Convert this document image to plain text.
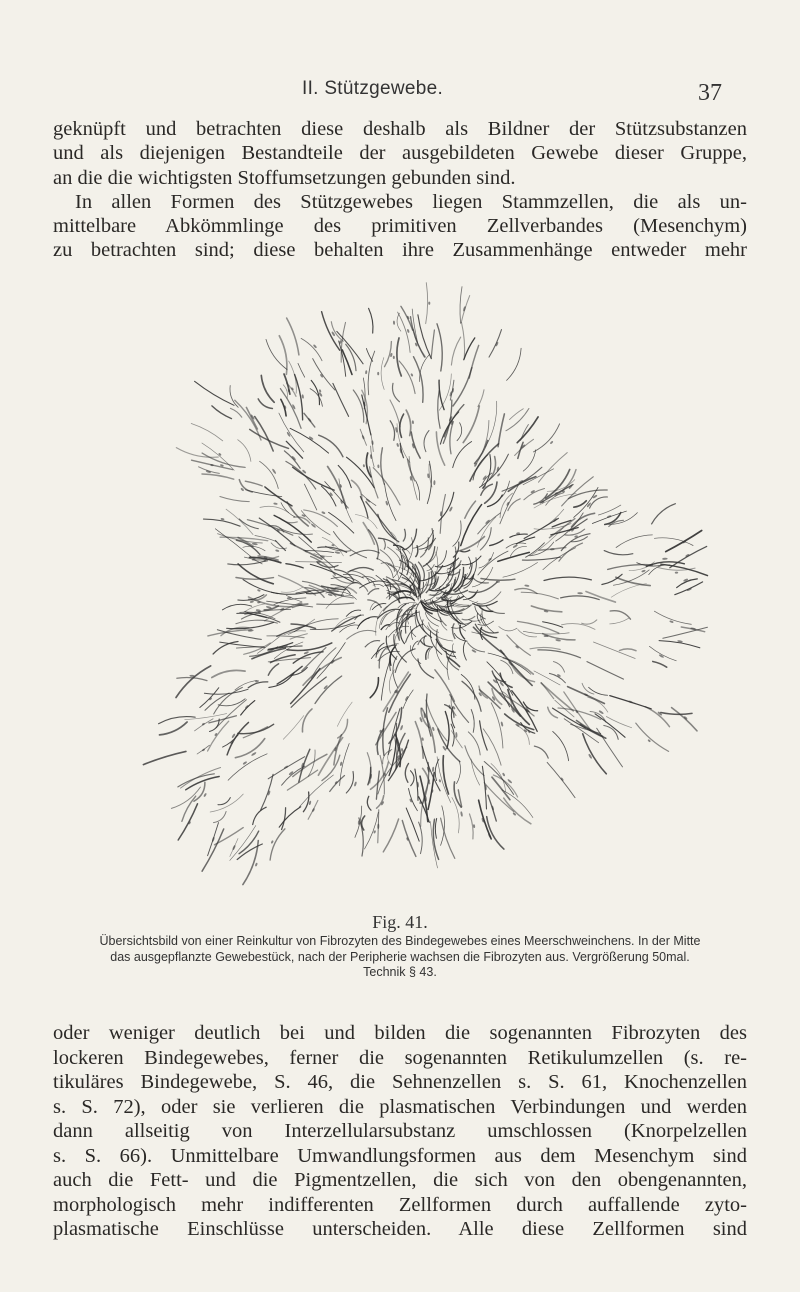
II. Stützgewebe.	37
geknüpft und betrachten diese deshalb als Bildner der Stützsubstanzen
und als diejenigen Bestandteile der ausgebildeten Gewebe dieser Gruppe,
an die die wichtigsten Stoffumsetzungen gebunden sind.
In allen Formen des Stützgewebes liegen Stammzellen, die als un-
mittelbare Abkömmlinge des primitiven Zellverbandes (Mesenchym)
zu betrachten sind; diese behalten ihre Zusammenhänge entweder mehr
Fig. 41.
Übersichtsbild von einer Reinkultur von Fibrozyten des Bindegewebes eines Meerschweinchens. In der Mitte
das ausgepflanzte Gewebestück, nach der Peripherie wachsen die Fibrozyten aus. Vergrößerung 50mal.
Technik § 43.
oder weniger deutlich bei und bilden die sogenannten Fibrozyten des
lockeren Bindegewebes, ferner die sogenannten Retikulumzellen (s. re-
tikuläres Bindegewebe, S. 46, die Sehnenzellen s. S. 61, Knochenzellen
s. S. 72), oder sie verlieren die plasmatischen Verbindungen und werden
dann allseitig von Interzellularsubstanz umschlossen (Knorpelzellen
s. S. 66). Unmittelbare Umwandlungsformen aus dem Mesenchym sind
auch die Fett- und die Pigmentzellen, die sich von den obengenannten,
morphologisch mehr indifferenten Zellformen durch auffallende zyto-
plasmatische Einschlüsse unterscheiden. Alle diese Zellformen sind
